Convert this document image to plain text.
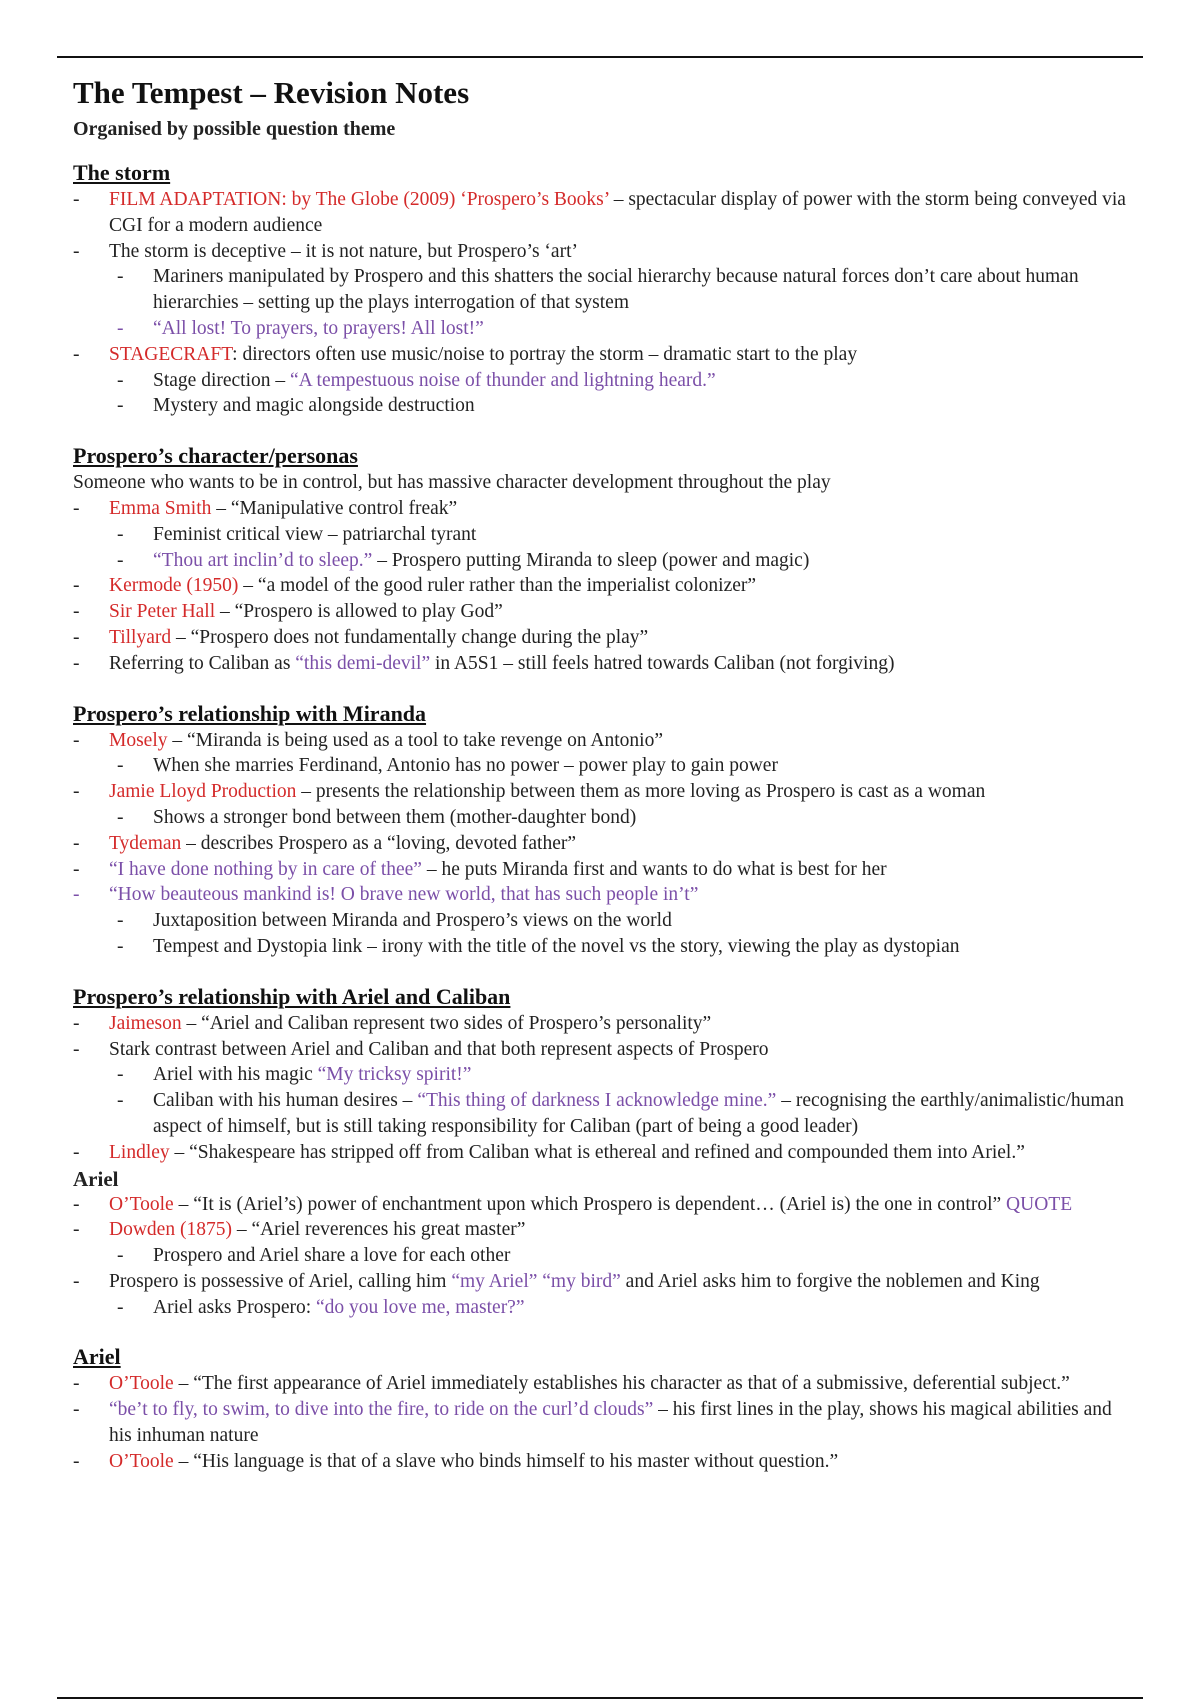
The Tempest – Revision Notes
Organised by possible question theme
The storm
- FILM ADAPTATION: by The Globe (2009) ‘Prospero’s Books’ – spectacular display of power with the storm being conveyed via CGI for a modern audience
- The storm is deceptive – it is not nature, but Prospero’s ‘art’
- Mariners manipulated by Prospero and this shatters the social hierarchy because natural forces don’t care about human hierarchies – setting up the plays interrogation of that system
- “All lost! To prayers, to prayers! All lost!”
- STAGECRAFT: directors often use music/noise to portray the storm – dramatic start to the play
- Stage direction – “A tempestuous noise of thunder and lightning heard.”
- Mystery and magic alongside destruction
Prospero’s character/personas
Someone who wants to be in control, but has massive character development throughout the play
- Emma Smith – “Manipulative control freak”
- Feminist critical view – patriarchal tyrant
- “Thou art inclin’d to sleep.” – Prospero putting Miranda to sleep (power and magic)
- Kermode (1950) – “a model of the good ruler rather than the imperialist colonizer”
- Sir Peter Hall – “Prospero is allowed to play God”
- Tillyard – “Prospero does not fundamentally change during the play”
- Referring to Caliban as “this demi-devil” in A5S1 – still feels hatred towards Caliban (not forgiving)
Prospero’s relationship with Miranda
- Mosely – “Miranda is being used as a tool to take revenge on Antonio”
- When she marries Ferdinand, Antonio has no power – power play to gain power
- Jamie Lloyd Production – presents the relationship between them as more loving as Prospero is cast as a woman
- Shows a stronger bond between them (mother-daughter bond)
- Tydeman – describes Prospero as a “loving, devoted father”
- “I have done nothing by in care of thee” – he puts Miranda first and wants to do what is best for her
- “How beauteous mankind is! O brave new world, that has such people in’t”
- Juxtaposition between Miranda and Prospero’s views on the world
- Tempest and Dystopia link – irony with the title of the novel vs the story, viewing the play as dystopian
Prospero’s relationship with Ariel and Caliban
- Jaimeson – “Ariel and Caliban represent two sides of Prospero’s personality”
- Stark contrast between Ariel and Caliban and that both represent aspects of Prospero
- Ariel with his magic “My tricksy spirit!”
- Caliban with his human desires – “This thing of darkness I acknowledge mine.” – recognising the earthly/animalistic/human aspect of himself, but is still taking responsibility for Caliban (part of being a good leader)
- Lindley – “Shakespeare has stripped off from Caliban what is ethereal and refined and compounded them into Ariel.”
Ariel
- O’Toole – “It is (Ariel’s) power of enchantment upon which Prospero is dependent… (Ariel is) the one in control” QUOTE
- Dowden (1875) – “Ariel reverences his great master”
- Prospero and Ariel share a love for each other
- Prospero is possessive of Ariel, calling him “my Ariel” “my bird” and Ariel asks him to forgive the noblemen and King
- Ariel asks Prospero: “do you love me, master?”
Ariel
- O’Toole – “The first appearance of Ariel immediately establishes his character as that of a submissive, deferential subject.”
- “be’t to fly, to swim, to dive into the fire, to ride on the curl’d clouds” – his first lines in the play, shows his magical abilities and his inhuman nature
- O’Toole – “His language is that of a slave who binds himself to his master without question.”
